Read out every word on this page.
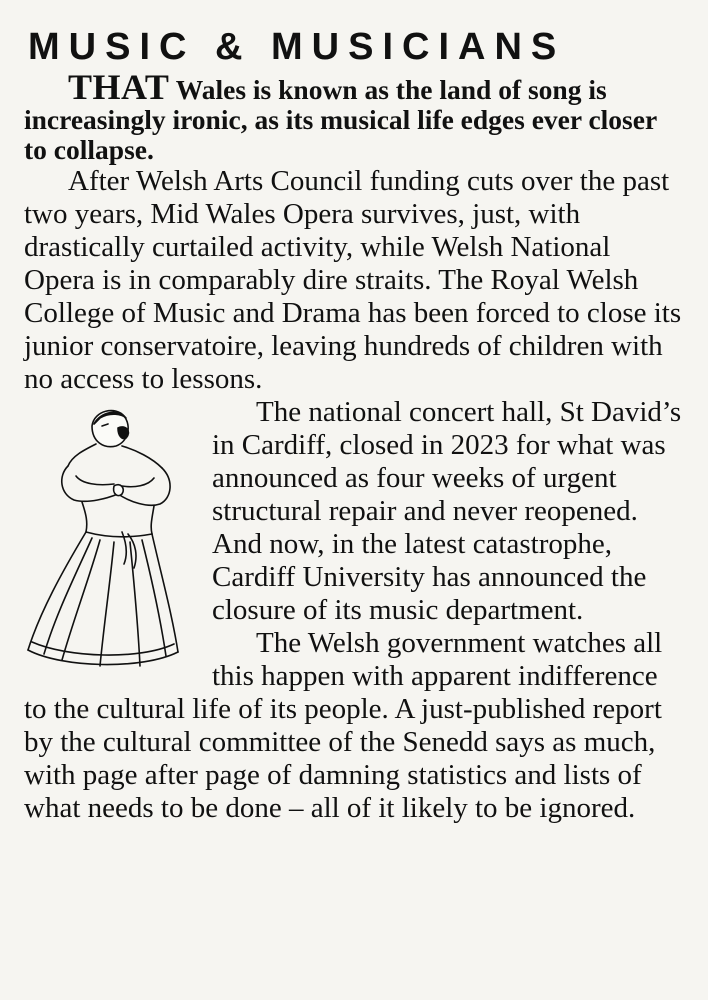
MUSIC & MUSICIANS

THAT Wales is known as the land of song is increasingly ironic, as its musical life edges ever closer to collapse.

After Welsh Arts Council funding cuts over the past two years, Mid Wales Opera survives, just, with drastically curtailed activity, while Welsh National Opera is in comparably dire straits. The Royal Welsh College of Music and Drama has been forced to close its junior conservatoire, leaving hundreds of children with no access to lessons.

The national concert hall, St David’s in Cardiff, closed in 2023 for what was announced as four weeks of urgent structural repair and never reopened. And now, in the latest catastrophe, Cardiff University has announced the closure of its music department.

The Welsh government watches all this happen with apparent indifference to the cultural life of its people. A just-published report by the cultural committee of the Senedd says as much, with page after page of damning statistics and lists of what needs to be done – all of it likely to be ignored.
